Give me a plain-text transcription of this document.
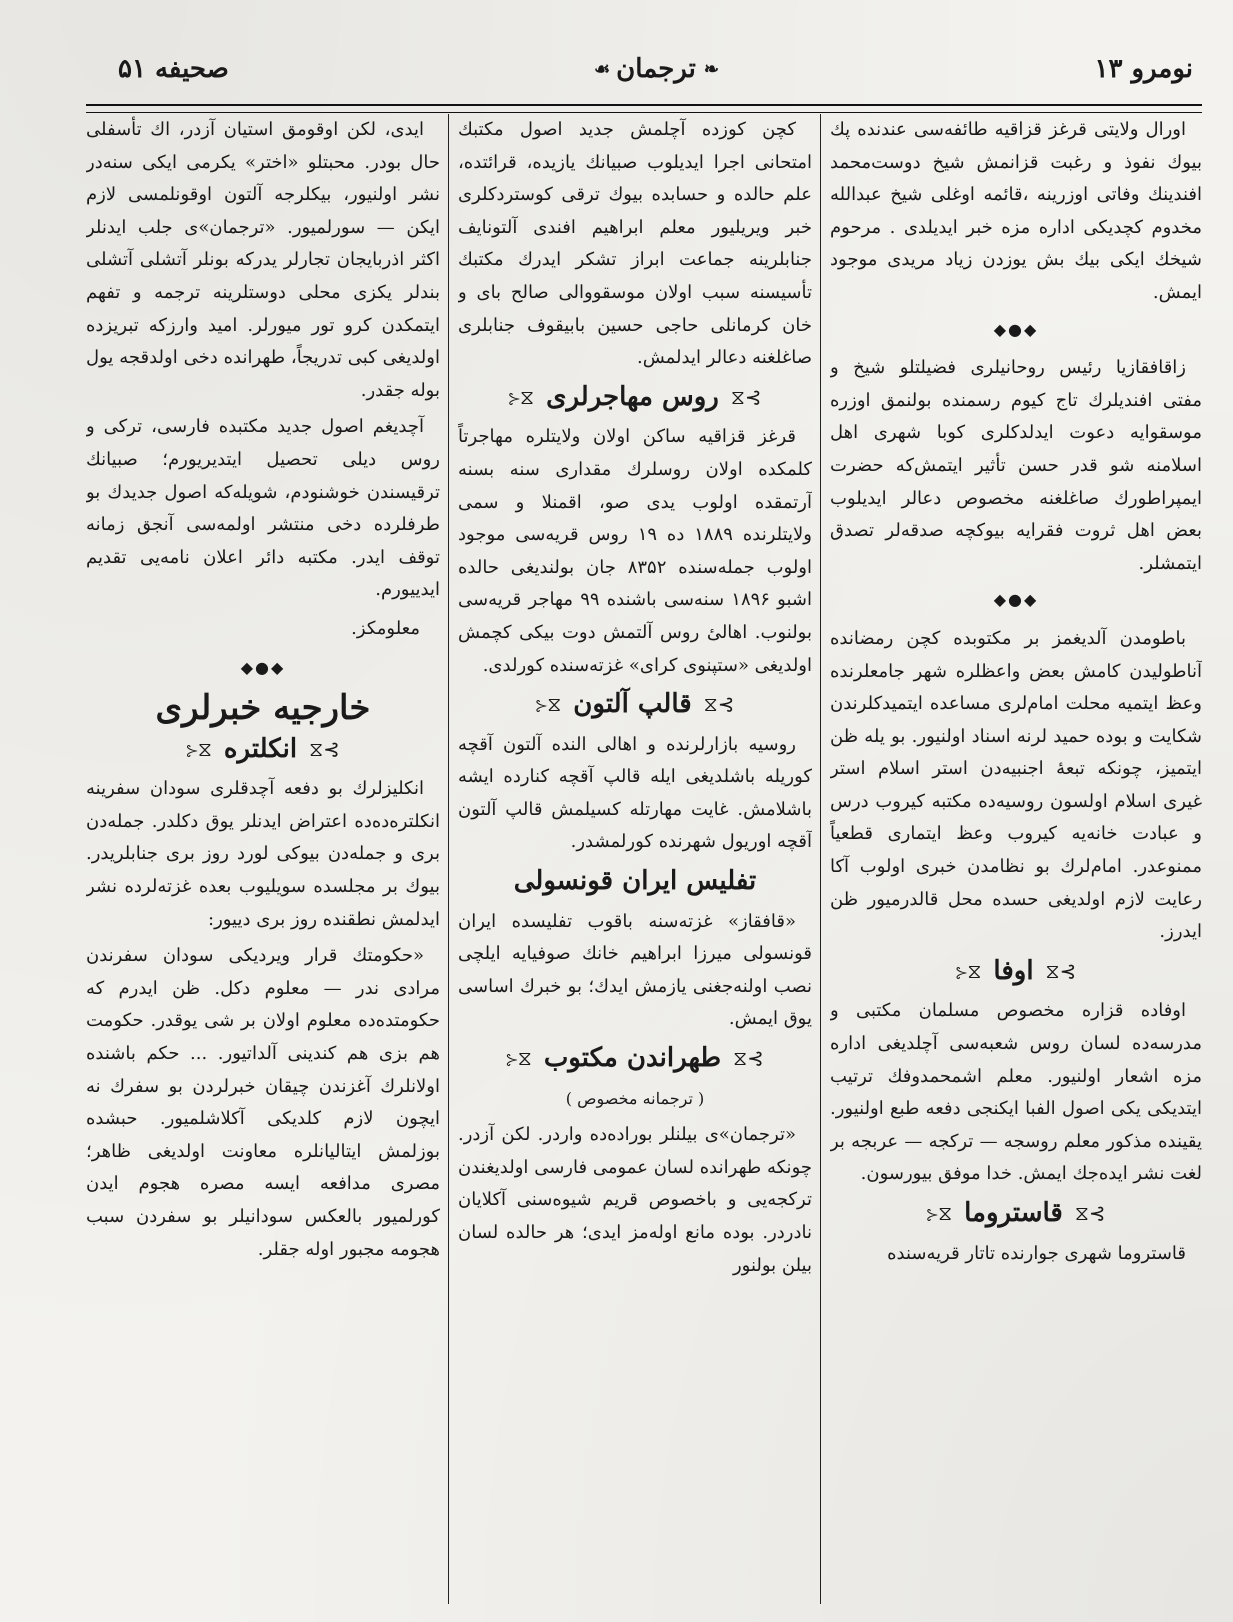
نومرو ۱۳
❧
ترجمان
☙
صحیفه ۵۱

اورال ولایتی قرغز قزاقیه طائفه‌سی عندنده پك بیوك نفوذ و رغبت قزانمش شیخ دوست‌محمد افندینك وفاتی اوزرینه ،قائمه اوغلی شیخ عبدالله مخدوم كچدیكی اداره مزه خبر ایدیلدی . مرحوم شیخك ایكی بیك بش یوزدن زیاد مریدی موجود ایمش.

◆●◆

زاقافقازیا رئیس روحانیلری فضیلتلو شیخ و مفتی افندیلرك تاج كیوم رسمنده بولنمق اوزره موسقوایه دعوت ایدلدكلری كوبا شهری اهل اسلامنه شو قدر حسن تأثیر ایتمش‌كه حضرت ایمپراطورك صاغلغنه مخصوص دعالر ایدیلوب بعض اهل ثروت فقرایه بیوكچه صدقه‌لر تصدق ایتمشلر.

◆●◆

باطومدن آلدیغمز بر مكتوبده كچن رمضانده آناطولیدن كامش بعض واعظلره شهر جامعلرنده وعظ ایتمیه محلت امام‌لری مساعده ایتمیدكلرندن شكایت و بوده حمید لرنه اسناد اولنیور. بو یله ظن ایتمیز، چونكه تبعهٔ اجنبیه‌دن استر اسلام استر غیری اسلام اولسون روسیه‌ده مكتبه كیروب درس و عبادت خانه‌یه كیروب وعظ ایتماری قطعیاً ممنوعدر. امام‌لرك بو نظامدن خبری اولوب آكا رعایت لازم اولدیغی حسده محل قالدرمیور ظن ایدرز.

⊱⧖
اوفا
⧖⊰

اوفاده قزاره مخصوص مسلمان مكتبی و مدرسه‌ده لسان روس شعبه‌سی آچلدیغی اداره مزه اشعار اولنیور. معلم اشمحمدوفك ترتیب ایتدیكی یكی اصول الفبا ایكنجی دفعه طبع اولنیور. یقینده مذكور معلم روسجه — تركجه — عربجه بر لغت نشر ایده‌جك ایمش. خدا موفق بیورسون.

⊱⧖
قاستروما
⧖⊰

قاستروما شهری جوارنده تاتار قریه‌سنده

كچن كوزده آچلمش جدید اصول مكتبك امتحانی اجرا ایدیلوب صبیانك یازیده، قرائتده، علم حالده و حسابده بیوك ترقی كوستردكلری خبر ویریلیور معلم ابراهیم افندی آلتونایف جنابلرینه جماعت ابراز تشكر ایدرك مكتبك تأسیسنه سبب اولان موسقووالی صالح بای و خان كرمانلی حاجی حسین بابیقوف جنابلری صاغلغنه دعالر ایدلمش.

⊱⧖
روس مهاجرلری
⧖⊰

قرغز قزاقیه ساكن اولان ولایتلره مهاجرتاً كلمكده اولان روسلرك مقداری سنه بسنه آرتمقده اولوب یدی صو، اقمنلا و سمی ولایتلرنده ۱۸۸۹ ده ۱۹ روس قریه‌سی موجود اولوب جمله‌سنده ۸۳۵۲ جان بولندیغی حالده اشبو ۱۸۹۶ سنه‌سی باشنده ۹۹ مهاجر قریه‌سی بولنوب. اهالیٔ روس آلتمش دوت بیكی كچمش اولدیغی «ستپنوی كرای» غزته‌سنده كورلدی.

⊱⧖
قالپ آلتون
⧖⊰

روسیه بازارلرنده و اهالی النده آلتون آقچه كوریله باشلدیغی ایله قالپ آقچه كنارده ایشه باشلامش. غایت مهارتله كسیلمش قالپ آلتون آقچه اوریول شهرنده كورلمشدر.

تفلیس ایران قونسولی

«قافقاز» غزته‌سنه باقوب تفلیسده ایران قونسولی میرزا ابراهیم خانك صوفیایه ایلچی نصب اولنه‌جغنی یازمش ایدك؛ بو خبرك اساسی یوق ایمش.

⊱⧖
طهراندن مكتوب
⧖⊰
( ترجمانه مخصوص )

«ترجمان»ی بیلنلر بوراده‌ده واردر. لكن آزدر. چونكه طهرانده لسان عمومی فارسی اولدیغندن تركجه‌یی و باخصوص قریم شیوه‌سنی آكلایان نادردر. بوده مانع اوله‌مز ایدی؛ هر حالده لسان بیلن بولنور

ایدی، لكن اوقومق استیان آزدر، اك تأسفلی حال بودر. محبتلو «اختر» یكرمی ایكی سنه‌در نشر اولنیور، بیكلرجه آلتون اوقونلمسی لازم ایكن — سورلمیور. «ترجمان»ی جلب ایدنلر اكثر اذربایجان تجارلر یدركه بونلر آتشلی آتشلی بندلر یكزی محلی دوستلرینه ترجمه و تفهم ایتمكدن كرو تور میورلر. امید وارزكه تبریزده اولدیغی كبی تدریجاً، طهرانده دخی اولدقجه یول بوله جقدر.

آچدیغم اصول جدید مكتبده فارسی، تركی و روس دیلی تحصیل ایتدیریورم؛ صبیانك ترقیسندن خوشنودم، شویله‌كه اصول جدیدك بو طرفلرده دخی منتشر اولمه‌سی آنجق زمانه توقف ایدر. مكتبه دائر اعلان نامه‌یی تقدیم ایدییورم.

معلومكز.
◆●◆
خارجیه خبرلری
⊱⧖
انكلتره
⧖⊰

انكلیزلرك بو دفعه آچدقلری سودان سفرینه انكلتره‌ده‌ده اعتراض ایدنلر یوق دكلدر. جمله‌دن بری و جمله‌دن بیوكی لورد روز بری جنابلریدر. بیوك بر مجلسده سویلیوب بعده غزته‌لرده نشر ایدلمش نطقنده روز بری دییور:

«حكومتك قرار ویردیكی سودان سفرندن مرادی ندر — معلوم دكل. ظن ایدرم كه حكومتده‌ده معلوم اولان بر شی یوقدر. حكومت هم بزی هم كندینی آلداتیور. ... حكم باشنده اولانلرك آغزندن چیقان خبرلردن بو سفرك نه ایچون لازم كلدیكی آكلاشلمیور. حبشده بوزلمش ایتالیانلره معاونت اولدیغی ظاهر؛ مصری مدافعه ایسه مصره هجوم ایدن كورلمیور بالعكس سودانیلر بو سفردن سبب هجومه مجبور اوله جقلر.
